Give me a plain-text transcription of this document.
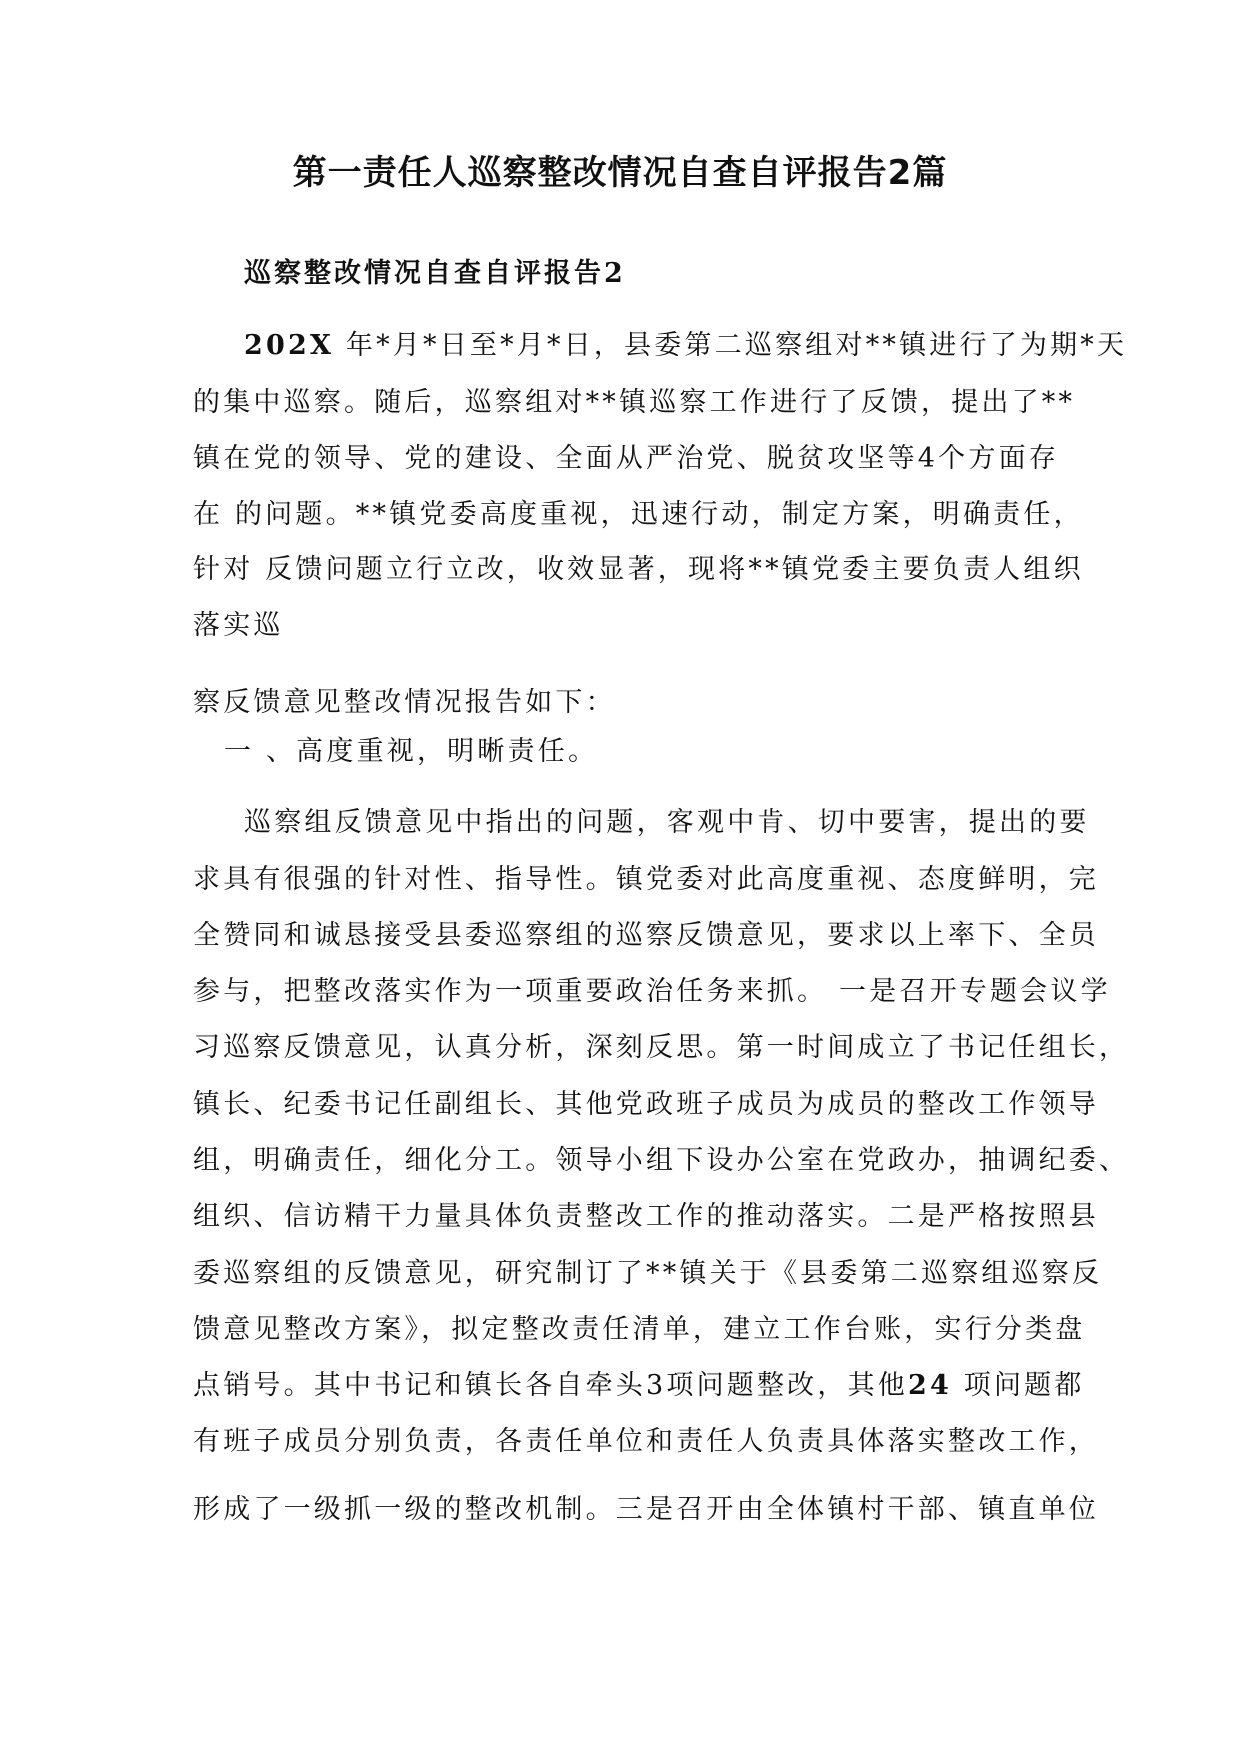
第一责任人巡察整改情况自查自评报告2篇

巡察整改情况自查自评报告2

202X 年*月*日至*月*日，县委第二巡察组对**镇进行了为期*天

的集中巡察。随后，巡察组对**镇巡察工作进行了反馈，提出了**

镇在党的领导、党的建设、全面从严治党、脱贫攻坚等4个方面存

在 的问题。**镇党委高度重视，迅速行动，制定方案，明确责任，

针对 反馈问题立行立改，收效显著，现将**镇党委主要负责人组织

落实巡

察反馈意见整改情况报告如下：

一 、高度重视，明晰责任。

巡察组反馈意见中指出的问题，客观中肯、切中要害，提出的要

求具有很强的针对性、指导性。镇党委对此高度重视、态度鲜明，完

全赞同和诚恳接受县委巡察组的巡察反馈意见，要求以上率下、全员

参与，把整改落实作为一项重要政治任务来抓。 一是召开专题会议学

习巡察反馈意见，认真分析，深刻反思。第一时间成立了书记任组长，

镇长、纪委书记任副组长、其他党政班子成员为成员的整改工作领导

组，明确责任，细化分工。领导小组下设办公室在党政办，抽调纪委、

组织、信访精干力量具体负责整改工作的推动落实。二是严格按照县

委巡察组的反馈意见，研究制订了**镇关于《县委第二巡察组巡察反

馈意见整改方案》，拟定整改责任清单，建立工作台账，实行分类盘

点销号。其中书记和镇长各自牵头3项问题整改，其他24 项问题都

有班子成员分别负责，各责任单位和责任人负责具体落实整改工作，

形成了一级抓一级的整改机制。三是召开由全体镇村干部、镇直单位
